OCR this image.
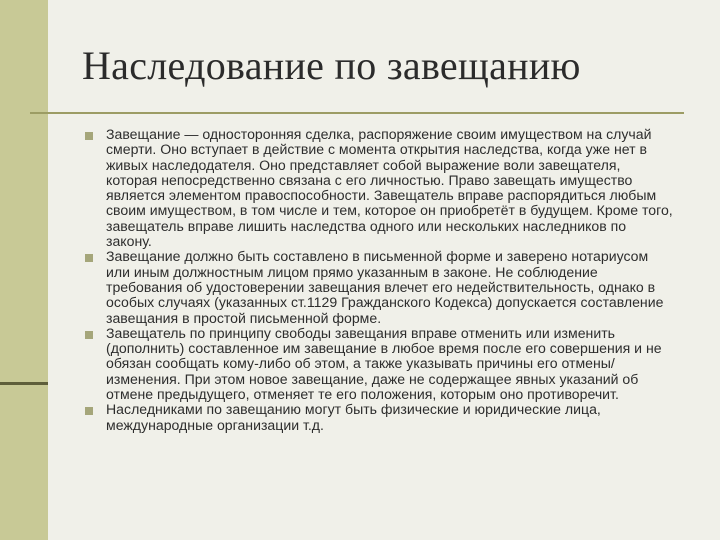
Наследование по завещанию
Завещание — односторонняя сделка, распоряжение своим имуществом на случай смерти. Оно вступает в действие с момента открытия наследства, когда уже нет в живых наследодателя. Оно представляет собой выражение воли завещателя, которая непосредственно связана с его личностью. Право завещать имущество является элементом правоспособности. Завещатель вправе распорядиться любым своим имуществом, в том числе и тем, которое он приобретёт в будущем. Кроме того, завещатель вправе лишить наследства одного или нескольких наследников по закону.
Завещание должно быть составлено в письменной форме и заверено нотариусом или иным должностным лицом прямо указанным в законе. Не соблюдение требования об удостоверении завещания влечет его недействительность, однако в особых случаях (указанных ст.1129 Гражданского Кодекса) допускается составление завещания в простой письменной форме.
Завещатель по принципу свободы завещания вправе отменить или изменить (дополнить) составленное им завещание в любое время после его совершения и не обязан сообщать кому-либо об этом, а также указывать причины его отмены/изменения. При этом новое завещание, даже не содержащее явных указаний об отмене предыдущего, отменяет те его положения, которым оно противоречит.
Наследниками по завещанию могут быть физические и юридические лица, международные организации т.д.
